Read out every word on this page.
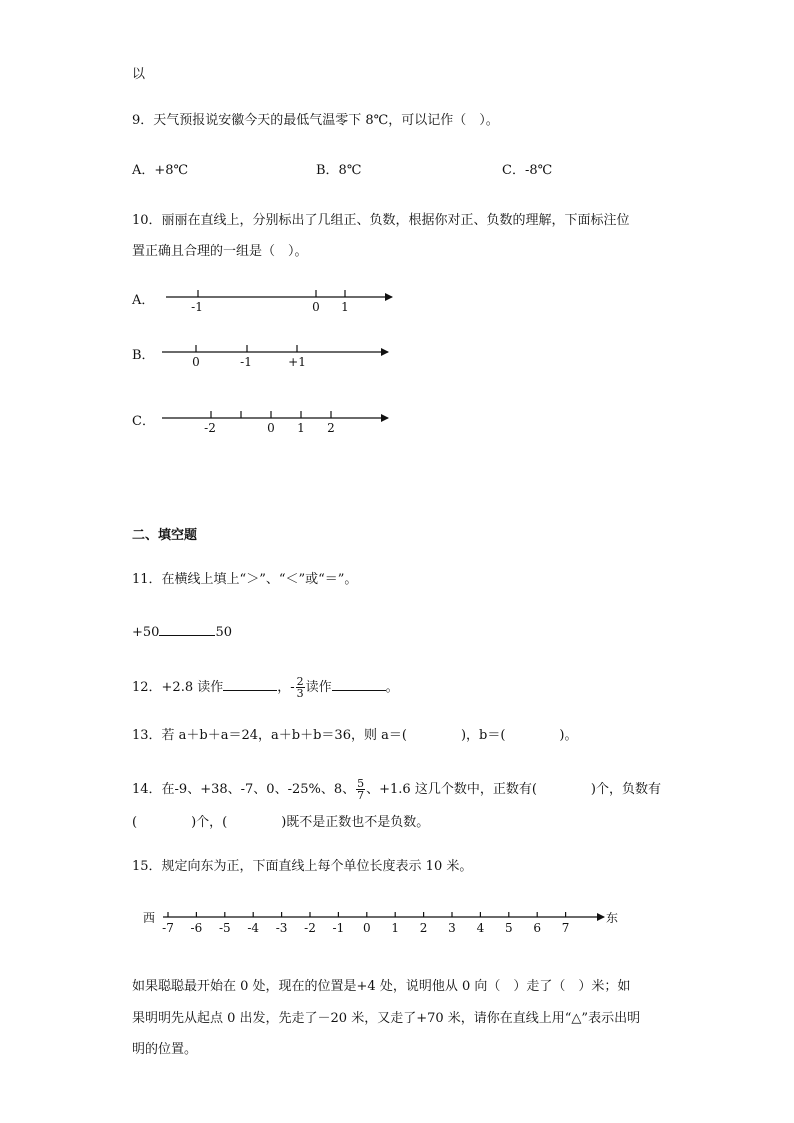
以
9．天气预报说安徽今天的最低气温零下 8℃，可以记作（　）。
A．+8℃	B．8℃	C．-8℃
10．丽丽在直线上，分别标出了几组正、负数，根据你对正、负数的理解，下面标注位
置正确且合理的一组是（　）。
A．
B．
C．
-1	0 1
0	-1	+1
-2	0 1 2
西	东
-7 -6 -5 -4 -3 -2 -1 0 1 2 3 4 5 6 7
二、填空题
11．在横线上填上“＞”、“＜”或“＝”。
+50	50
12．+2.8 读作	，- $\frac{2}{3}$ 读作	。
13．若 a＋b＋a＝24，a＋b＋b＝36，则 a＝(	)，b＝(	)。
14．在-9、+38、-7、0、-25%、8、 $\frac{5}{7}$ 、+1.6 这几个数中，正数有(	)个，负数有
(	)个，(	)既不是正数也不是负数。
15．规定向东为正，下面直线上每个单位长度表示 10 米。
如果聪聪最开始在 0 处，现在的位置是+4 处，说明他从 0 向（　）走了（　）米；如
果明明先从起点 0 出发，先走了－20 米，又走了+70 米，请你在直线上用“△”表示出明
明的位置。
